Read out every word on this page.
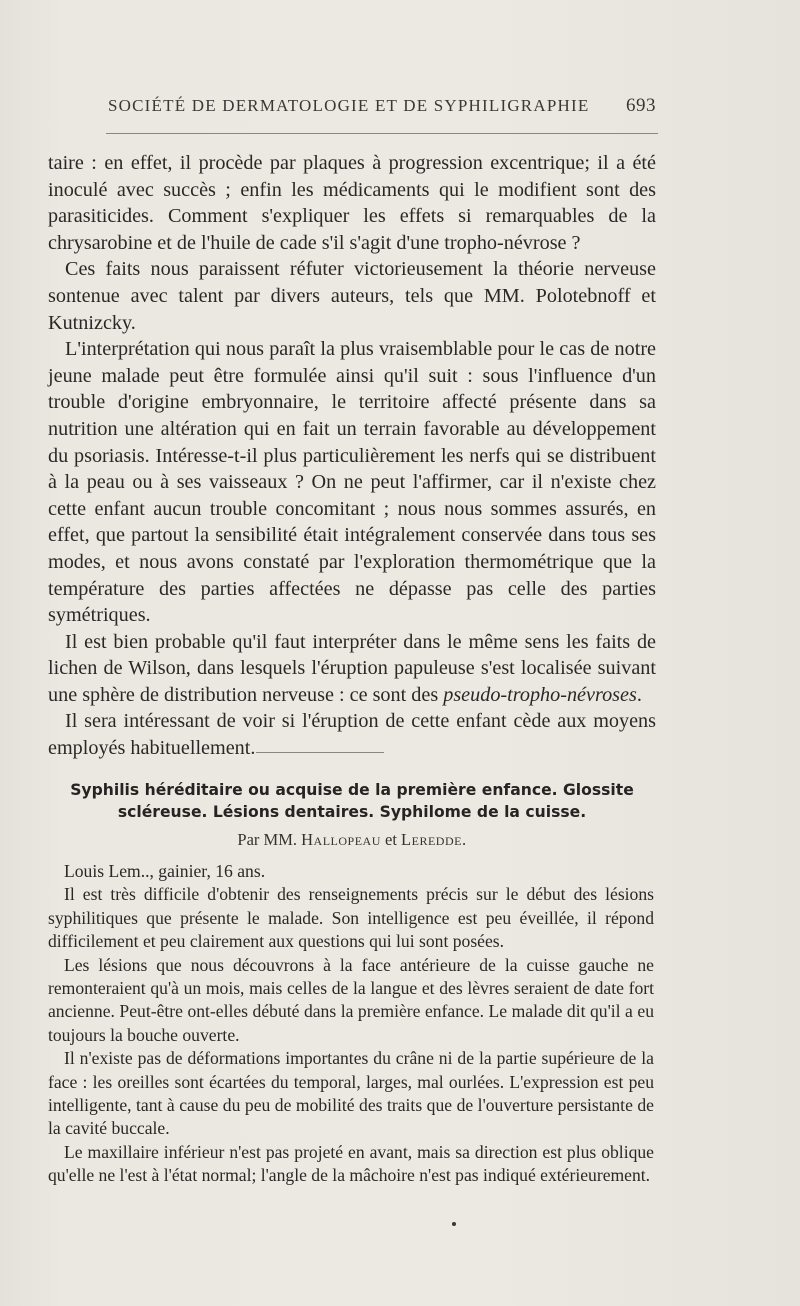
SOCIÉTÉ DE DERMATOLOGIE ET DE SYPHILIGRAPHIE 693

taire : en effet, il procède par plaques à progression excentrique; il a été inoculé avec succès ; enfin les médicaments qui le modifient sont des parasiticides. Comment s'expliquer les effets si remarquables de la chrysarobine et de l'huile de cade s'il s'agit d'une tropho-névrose ?

Ces faits nous paraissent réfuter victorieusement la théorie nerveuse sontenue avec talent par divers auteurs, tels que MM. Polotebnoff et Kutnizcky.

L'interprétation qui nous paraît la plus vraisemblable pour le cas de notre jeune malade peut être formulée ainsi qu'il suit : sous l'influence d'un trouble d'origine embryonnaire, le territoire affecté présente dans sa nutrition une altération qui en fait un terrain favorable au développement du psoriasis. Intéresse-t-il plus particulièrement les nerfs qui se distribuent à la peau ou à ses vaisseaux ? On ne peut l'affirmer, car il n'existe chez cette enfant aucun trouble concomitant ; nous nous sommes assurés, en effet, que partout la sensibilité était intégralement conservée dans tous ses modes, et nous avons constaté par l'exploration thermométrique que la température des parties affectées ne dépasse pas celle des parties symétriques.

Il est bien probable qu'il faut interpréter dans le même sens les faits de lichen de Wilson, dans lesquels l'éruption papuleuse s'est localisée suivant une sphère de distribution nerveuse : ce sont des pseudo-tropho-névroses.

Il sera intéressant de voir si l'éruption de cette enfant cède aux moyens employés habituellement.

Syphilis héréditaire ou acquise de la première enfance. Glossite
scléreuse. Lésions dentaires. Syphilome de la cuisse.
Par MM. Hallopeau et Leredde.

Louis Lem.., gainier, 16 ans.

Il est très difficile d'obtenir des renseignements précis sur le début des lésions syphilitiques que présente le malade. Son intelligence est peu éveillée, il répond difficilement et peu clairement aux questions qui lui sont posées.

Les lésions que nous découvrons à la face antérieure de la cuisse gauche ne remonteraient qu'à un mois, mais celles de la langue et des lèvres seraient de date fort ancienne. Peut-être ont-elles débuté dans la première enfance. Le malade dit qu'il a eu toujours la bouche ouverte.

Il n'existe pas de déformations importantes du crâne ni de la partie supérieure de la face : les oreilles sont écartées du temporal, larges, mal ourlées. L'expression est peu intelligente, tant à cause du peu de mobilité des traits que de l'ouverture persistante de la cavité buccale.

Le maxillaire inférieur n'est pas projeté en avant, mais sa direction est plus oblique qu'elle ne l'est à l'état normal; l'angle de la mâchoire n'est pas indiqué extérieurement.
